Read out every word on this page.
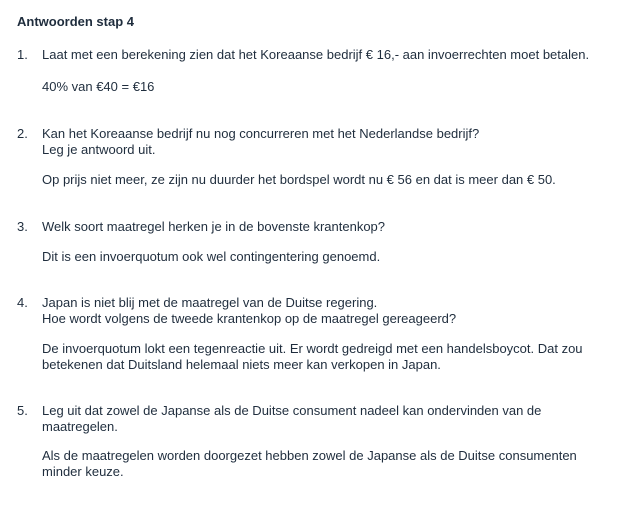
Antwoorden stap 4
1.	Laat met een berekening zien dat het Koreaanse bedrijf € 16,- aan invoerrechten moet betalen.

40% van €40 = €16

2.	Kan het Koreaanse bedrijf nu nog concurreren met het Nederlandse bedrijf?
Leg je antwoord uit.

Op prijs niet meer, ze zijn nu duurder het bordspel wordt nu € 56 en dat is meer dan € 50.

3.	Welk soort maatregel herken je in de bovenste krantenkop?

Dit is een invoerquotum ook wel contingentering genoemd.

4.	Japan is niet blij met de maatregel van de Duitse regering.
Hoe wordt volgens de tweede krantenkop op de maatregel gereageerd?

De invoerquotum lokt een tegenreactie uit. Er wordt gedreigd met een handelsboycot. Dat zou
betekenen dat Duitsland helemaal niets meer kan verkopen in Japan.

5.	Leg uit dat zowel de Japanse als de Duitse consument nadeel kan ondervinden van de
maatregelen.

Als de maatregelen worden doorgezet hebben zowel de Japanse als de Duitse consumenten
minder keuze.
